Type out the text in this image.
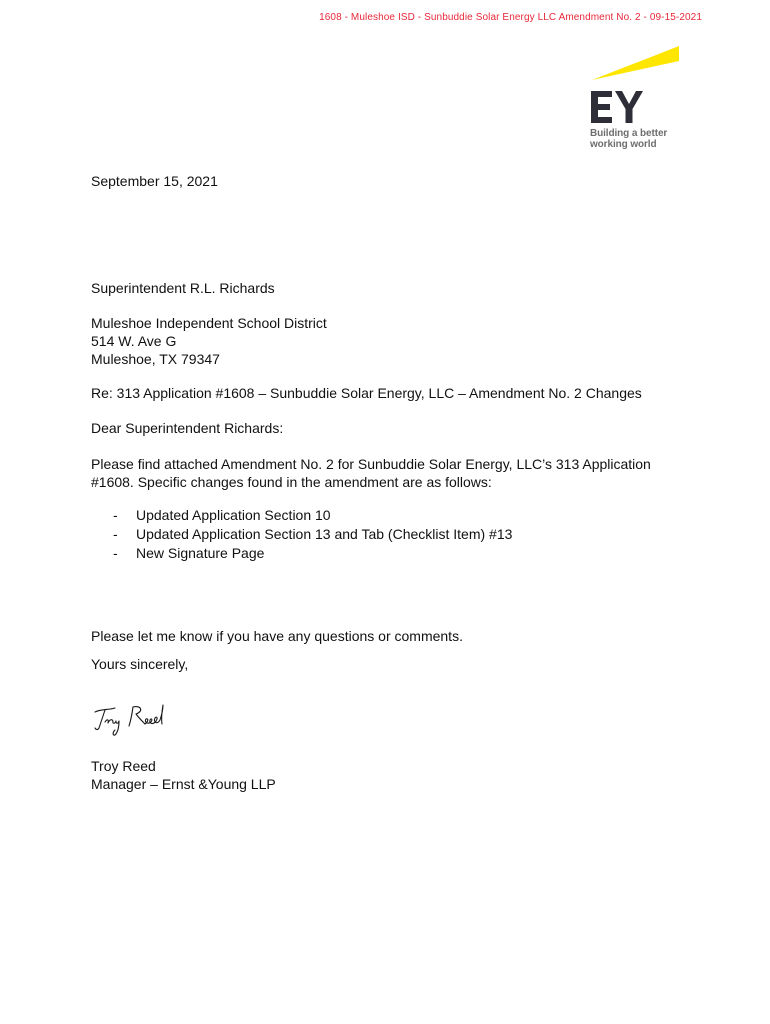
1608 - Muleshoe ISD - Sunbuddie Solar Energy LLC Amendment No. 2 - 09-15-2021
Building a better
working world
September 15, 2021
Superintendent R.L. Richards
Muleshoe Independent School District
514 W. Ave G
Muleshoe, TX 79347
Re: 313 Application #1608 – Sunbuddie Solar Energy, LLC – Amendment No. 2 Changes
Dear Superintendent Richards:
Please find attached Amendment No. 2 for Sunbuddie Solar Energy, LLC’s 313 Application
#1608. Specific changes found in the amendment are as follows:
- Updated Application Section 10
- Updated Application Section 13 and Tab (Checklist Item) #13
- New Signature Page
Please let me know if you have any questions or comments.
Yours sincerely,
Troy Reed
Manager – Ernst &Young LLP
